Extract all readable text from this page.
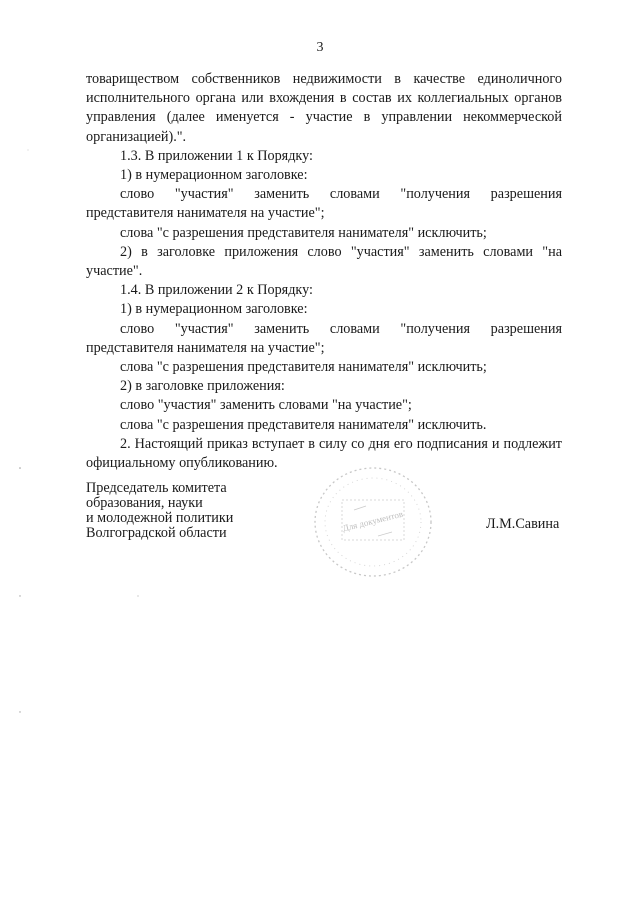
3

товариществом собственников недвижимости в качестве единоличного исполнительного органа или вхождения в состав их коллегиальных органов управления (далее именуется - участие в управлении некоммерческой организацией).".

1.3. В приложении 1 к Порядку:

1) в нумерационном заголовке:

слово "участия" заменить словами "получения разрешения представителя нанимателя на участие";

слова "с разрешения представителя нанимателя" исключить;

2) в заголовке приложения слово "участия" заменить словами "на участие".

1.4. В приложении 2 к Порядку:

1) в нумерационном заголовке:

слово "участия" заменить словами "получения разрешения представителя нанимателя на участие";

слова "с разрешения представителя нанимателя" исключить;

2) в заголовке приложения:

слово "участия" заменить словами "на участие";

слова "с разрешения представителя нанимателя" исключить.

2. Настоящий приказ вступает в силу со дня его подписания и подлежит официальному опубликованию.

Председатель комитета
образования, науки
и молодежной политики
Волгоградской области	Для документов	Л.М.Савина
